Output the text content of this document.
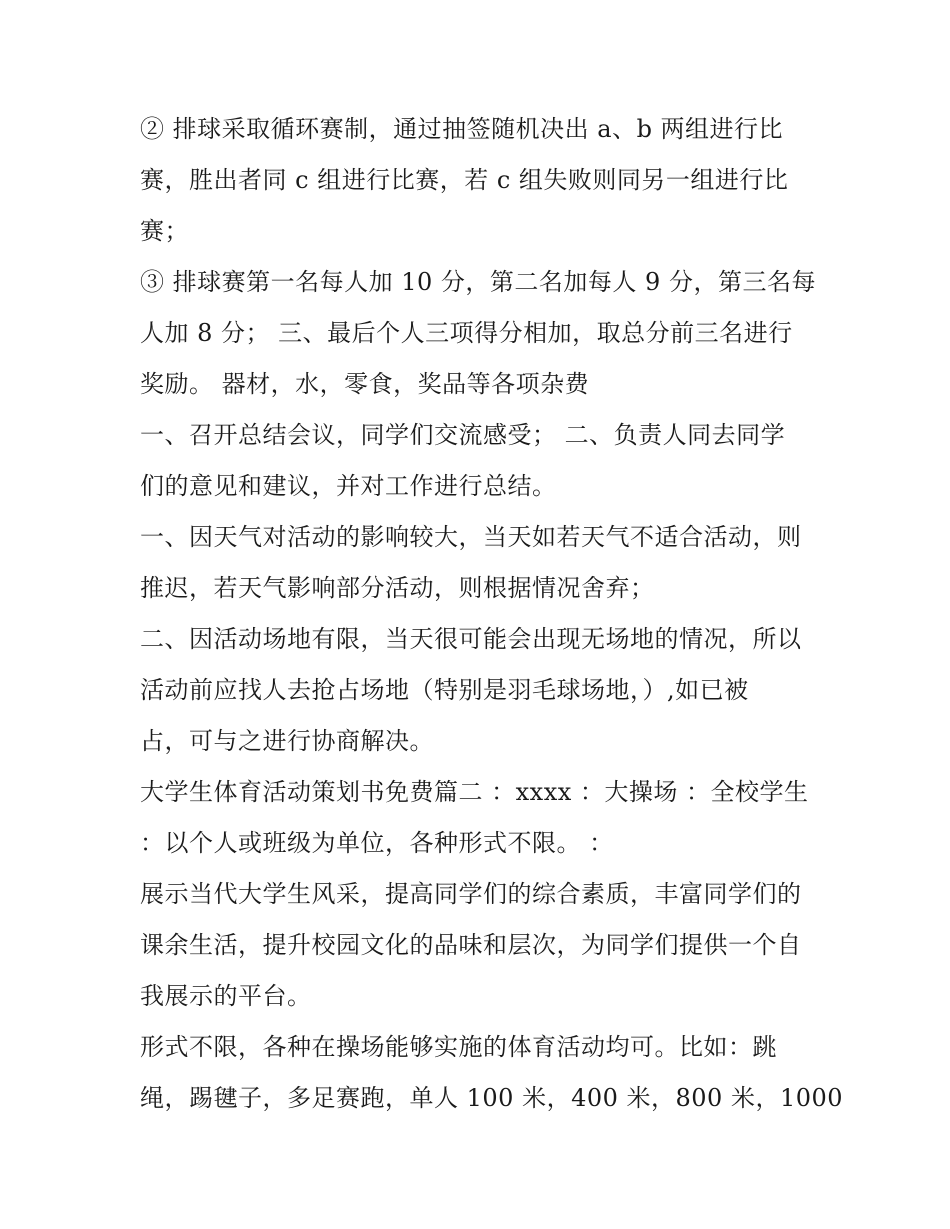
② 排球采取循环赛制，通过抽签随机决出 a、b 两组进行比
赛，胜出者同 c 组进行比赛，若 c 组失败则同另一组进行比
赛；
③ 排球赛第一名每人加 10 分，第二名加每人 9 分，第三名每
人加 8 分； 三、最后个人三项得分相加，取总分前三名进行
奖励。 器材，水，零食，奖品等各项杂费
一、召开总结会议，同学们交流感受； 二、负责人同去同学
们的意见和建议，并对工作进行总结。
一、因天气对活动的影响较大，当天如若天气不适合活动，则
推迟，若天气影响部分活动，则根据情况舍弃；
二、因活动场地有限，当天很可能会出现无场地的情况，所以
活动前应找人去抢占场地（特别是羽毛球场地，）,如已被
占，可与之进行协商解决。
大学生体育活动策划书免费篇二 ：xxxx ：大操场 ：全校学生
：以个人或班级为单位，各种形式不限。 ：
展示当代大学生风采，提高同学们的综合素质，丰富同学们的
课余生活，提升校园文化的品味和层次，为同学们提供一个自
我展示的平台。
形式不限，各种在操场能够实施的体育活动均可。比如：跳
绳，踢毽子，多足赛跑，单人 100 米，400 米，800 米，1000
